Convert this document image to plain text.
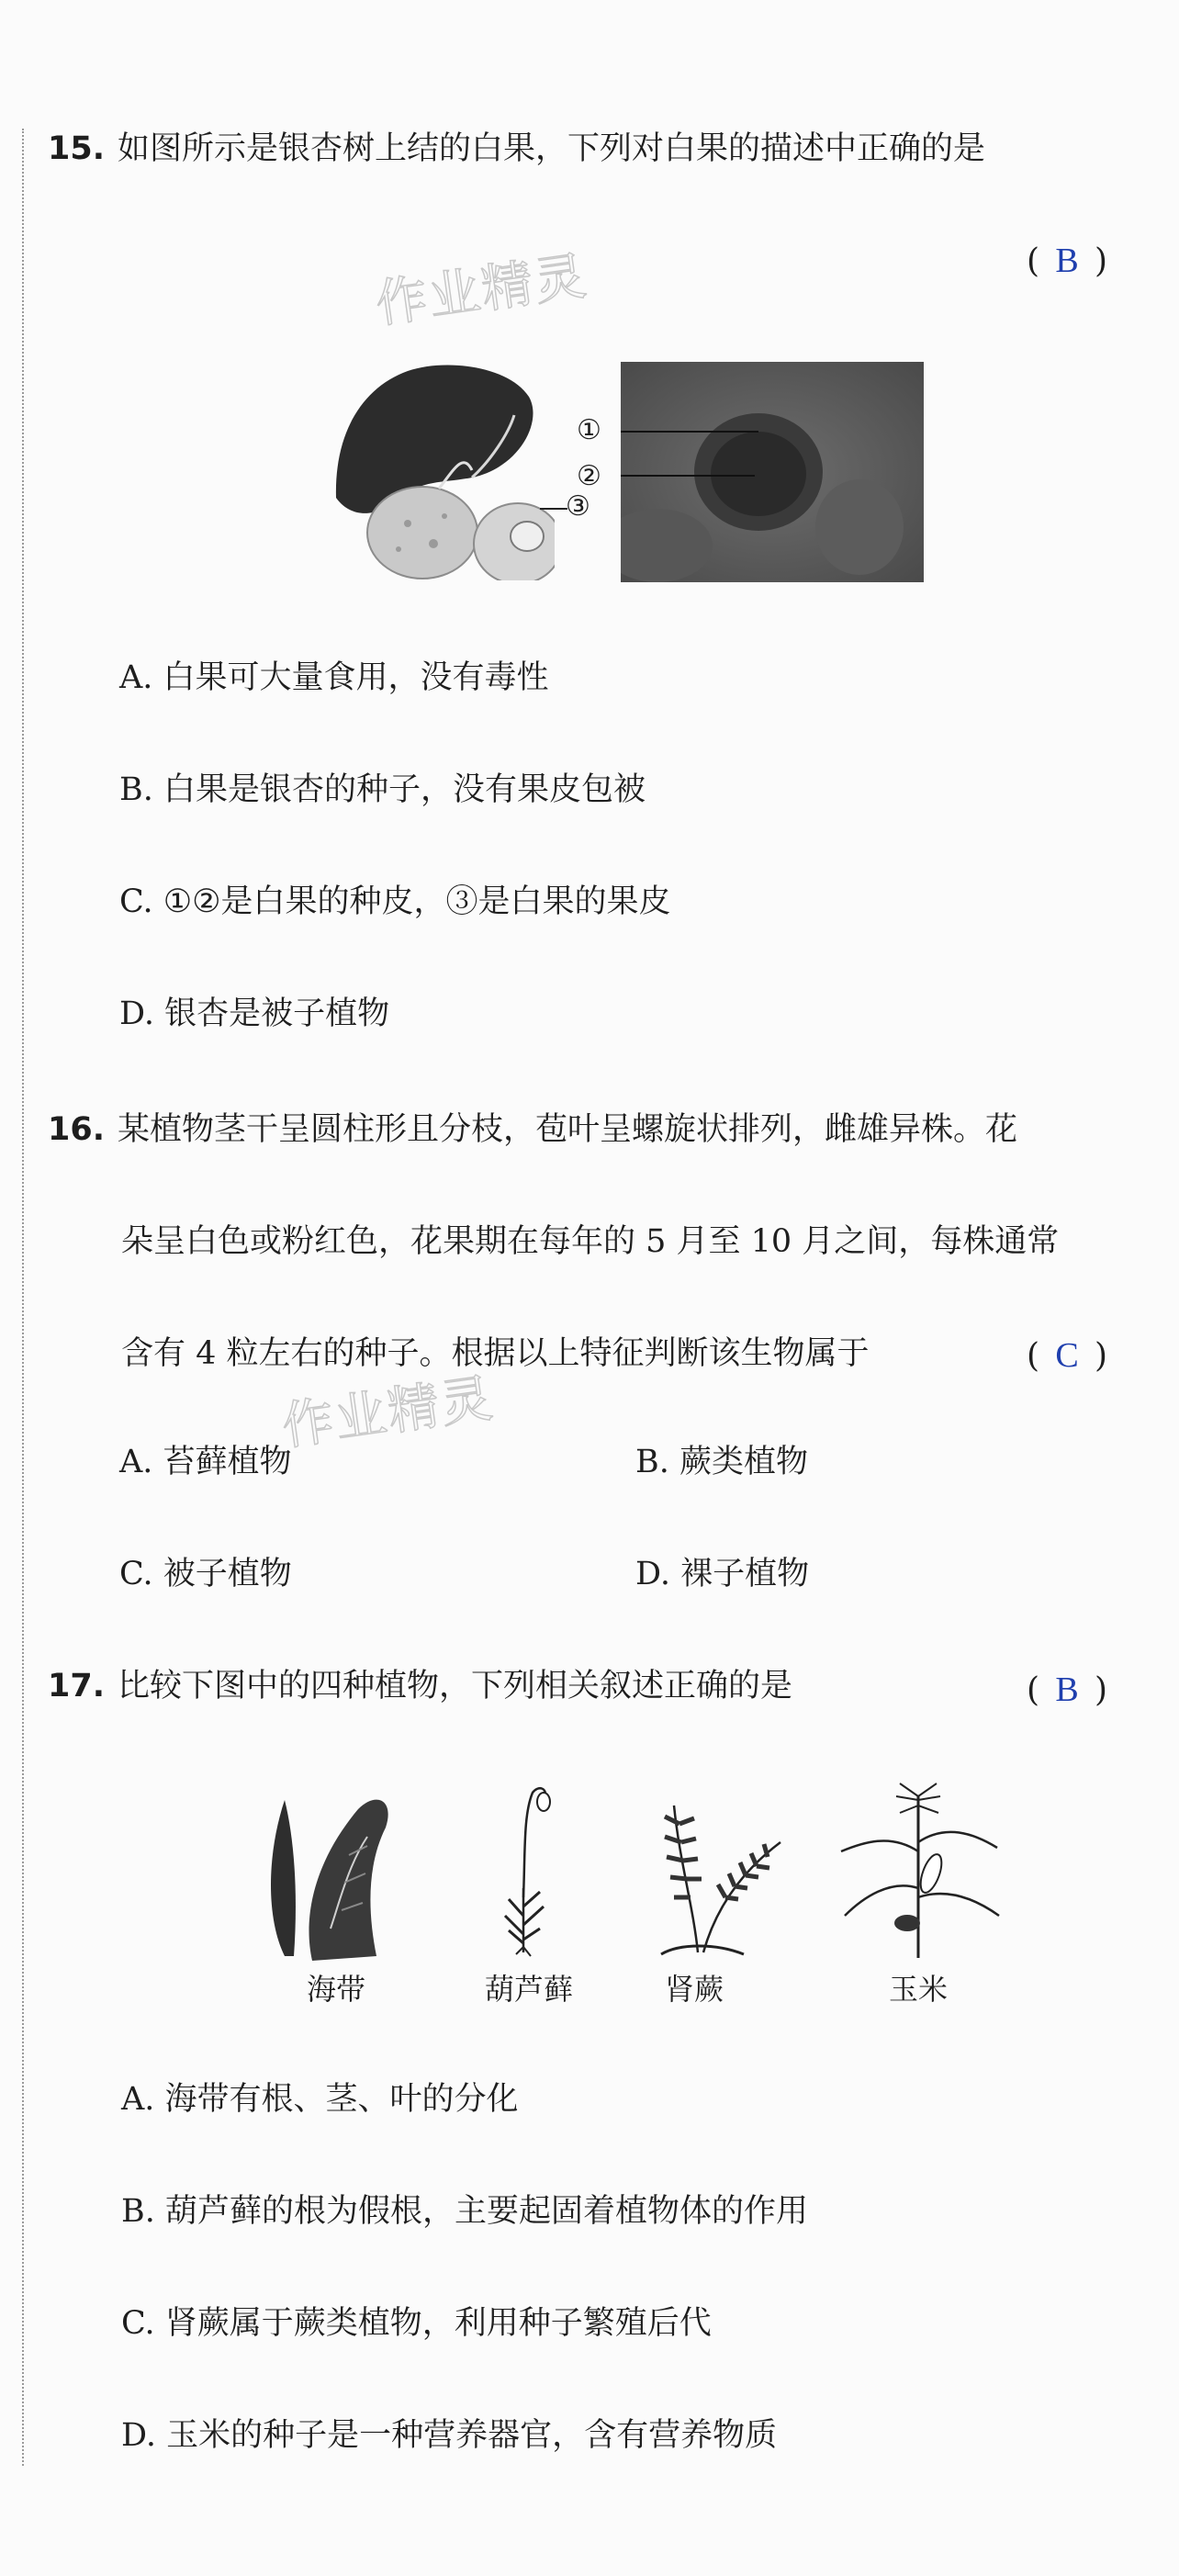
15. 如图所示是银杏树上结的白果，下列对白果的描述中正确的是
( B )
作业精灵
③
①
②
A. 白果可大量食用，没有毒性
B. 白果是银杏的种子，没有果皮包被
C. ①②是白果的种皮，③是白果的果皮
D. 银杏是被子植物
16. 某植物茎干呈圆柱形且分枝，苞叶呈螺旋状排列，雌雄异株。花
朵呈白色或粉红色，花果期在每年的 5 月至 10 月之间，每株通常
含有 4 粒左右的种子。根据以上特征判断该生物属于	( C )
作业精灵
A. 苔藓植物	B. 蕨类植物
C. 被子植物	D. 裸子植物
17. 比较下图中的四种植物，下列相关叙述正确的是	( B )
海带	葫芦藓	肾蕨	玉米
A. 海带有根、茎、叶的分化
B. 葫芦藓的根为假根，主要起固着植物体的作用
C. 肾蕨属于蕨类植物，利用种子繁殖后代
D. 玉米的种子是一种营养器官，含有营养物质
